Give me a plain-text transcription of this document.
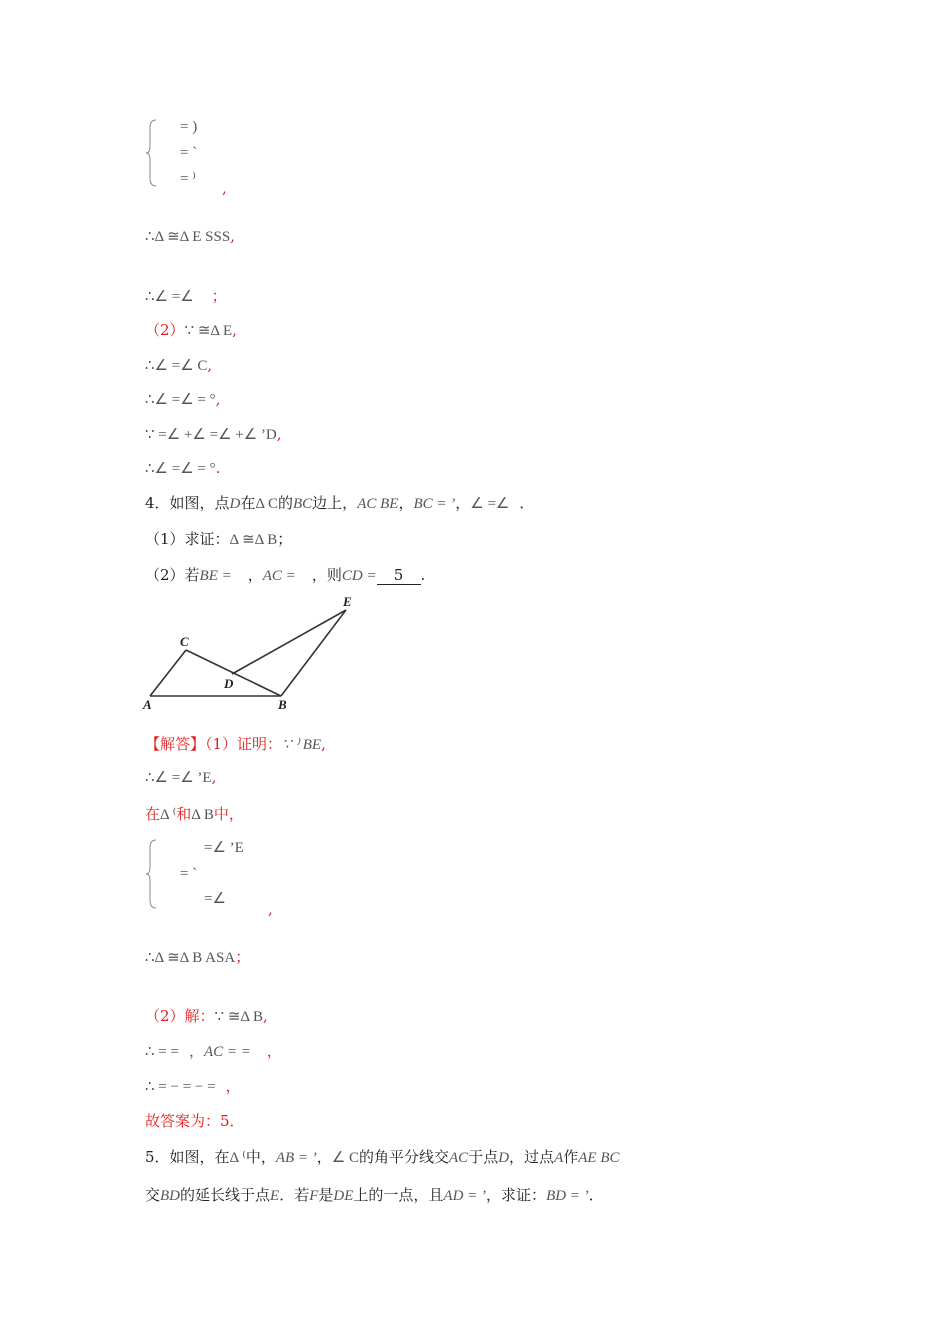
= )
= ˋ
= ⁾ ,
∴Δ ≅Δ E SSS,
∴∠ =∠ ；
（2）∵ ≅Δ E,
∴∠ =∠ C,
∴∠ =∠ = °,
∵ =∠ +∠ =∠ +∠ ’D,
∴∠ =∠ = °.
4．如图，点D在Δ C的BC边上，AC BE，BC = ’，∠ =∠ ．
（1）求证：Δ ≅Δ B；
（2）若BE = ，AC = ，则CD = 5 .
E
C
D
A	B
【解答】（1）证明：∵ ⁾ BE,
∴∠ =∠ ’E,
在Δ ⁽和Δ B中，
=∠ ’E
= ˋ
=∠
,
∴Δ ≅Δ B ASA；
（2）解：∵ ≅Δ B,
∴ = = ，AC = = ，
∴ = − = − = ，
故答案为：5．
5．如图，在Δ ⁽中，AB = ’，∠ C的角平分线交AC于点D，过点A作AE BC
交BD的延长线于点E．若F是DE上的一点，且AD = ’，求证：BD = ’．
